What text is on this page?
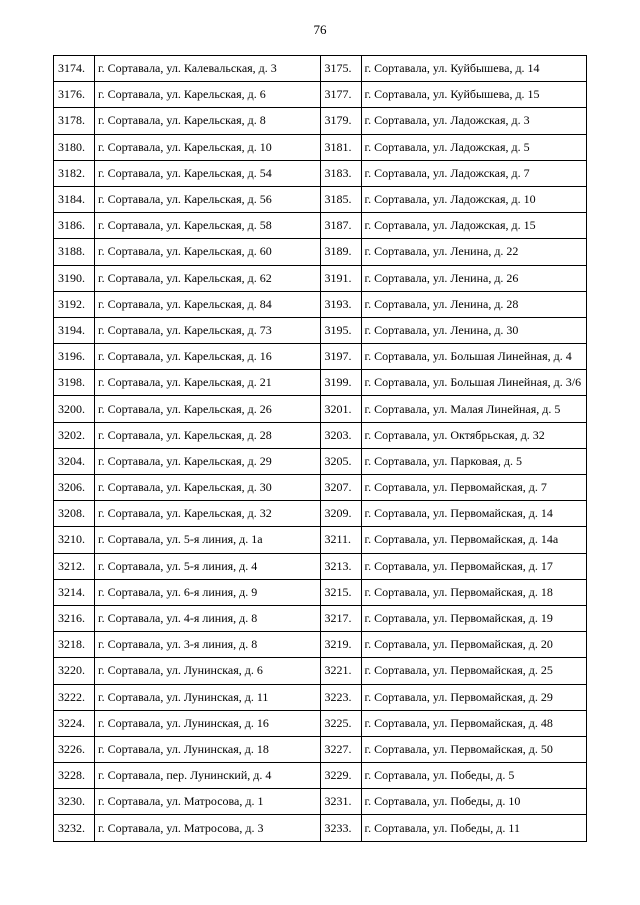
76
3174.	г. Сортавала, ул. Калевальская, д. 3	3175.	г. Сортавала, ул. Куйбышева, д. 14
3176.	г. Сортавала, ул. Карельская, д. 6	3177.	г. Сортавала, ул. Куйбышева, д. 15
3178.	г. Сортавала, ул. Карельская, д. 8	3179.	г. Сортавала, ул. Ладожская, д. 3
3180.	г. Сортавала, ул. Карельская, д. 10	3181.	г. Сортавала, ул. Ладожская, д. 5
3182.	г. Сортавала, ул. Карельская, д. 54	3183.	г. Сортавала, ул. Ладожская, д. 7
3184.	г. Сортавала, ул. Карельская, д. 56	3185.	г. Сортавала, ул. Ладожская, д. 10
3186.	г. Сортавала, ул. Карельская, д. 58	3187.	г. Сортавала, ул. Ладожская, д. 15
3188.	г. Сортавала, ул. Карельская, д. 60	3189.	г. Сортавала, ул. Ленина, д. 22
3190.	г. Сортавала, ул. Карельская, д. 62	3191.	г. Сортавала, ул. Ленина, д. 26
3192.	г. Сортавала, ул. Карельская, д. 84	3193.	г. Сортавала, ул. Ленина, д. 28
3194.	г. Сортавала, ул. Карельская, д. 73	3195.	г. Сортавала, ул. Ленина, д. 30
3196.	г. Сортавала, ул. Карельская, д. 16	3197.	г. Сортавала, ул. Большая Линейная, д. 4
3198.	г. Сортавала, ул. Карельская, д. 21	3199.	г. Сортавала, ул. Большая Линейная, д. 3/6
3200.	г. Сортавала, ул. Карельская, д. 26	3201.	г. Сортавала, ул. Малая Линейная, д. 5
3202.	г. Сортавала, ул. Карельская, д. 28	3203.	г. Сортавала, ул. Октябрьская, д. 32
3204.	г. Сортавала, ул. Карельская, д. 29	3205.	г. Сортавала, ул. Парковая, д. 5
3206.	г. Сортавала, ул. Карельская, д. 30	3207.	г. Сортавала, ул. Первомайская, д. 7
3208.	г. Сортавала, ул. Карельская, д. 32	3209.	г. Сортавала, ул. Первомайская, д. 14
3210.	г. Сортавала, ул. 5-я линия, д. 1а	3211.	г. Сортавала, ул. Первомайская, д. 14а
3212.	г. Сортавала, ул. 5-я линия, д. 4	3213.	г. Сортавала, ул. Первомайская, д. 17
3214.	г. Сортавала, ул. 6-я линия, д. 9	3215.	г. Сортавала, ул. Первомайская, д. 18
3216.	г. Сортавала, ул. 4-я линия, д. 8	3217.	г. Сортавала, ул. Первомайская, д. 19
3218.	г. Сортавала, ул. 3-я линия, д. 8	3219.	г. Сортавала, ул. Первомайская, д. 20
3220.	г. Сортавала, ул. Лунинская, д. 6	3221.	г. Сортавала, ул. Первомайская, д. 25
3222.	г. Сортавала, ул. Лунинская, д. 11	3223.	г. Сортавала, ул. Первомайская, д. 29
3224.	г. Сортавала, ул. Лунинская, д. 16	3225.	г. Сортавала, ул. Первомайская, д. 48
3226.	г. Сортавала, ул. Лунинская, д. 18	3227.	г. Сортавала, ул. Первомайская, д. 50
3228.	г. Сортавала, пер. Лунинский, д. 4	3229.	г. Сортавала, ул. Победы, д. 5
3230.	г. Сортавала, ул. Матросова, д. 1	3231.	г. Сортавала, ул. Победы, д. 10
3232.	г. Сортавала, ул. Матросова, д. 3	3233.	г. Сортавала, ул. Победы, д. 11
